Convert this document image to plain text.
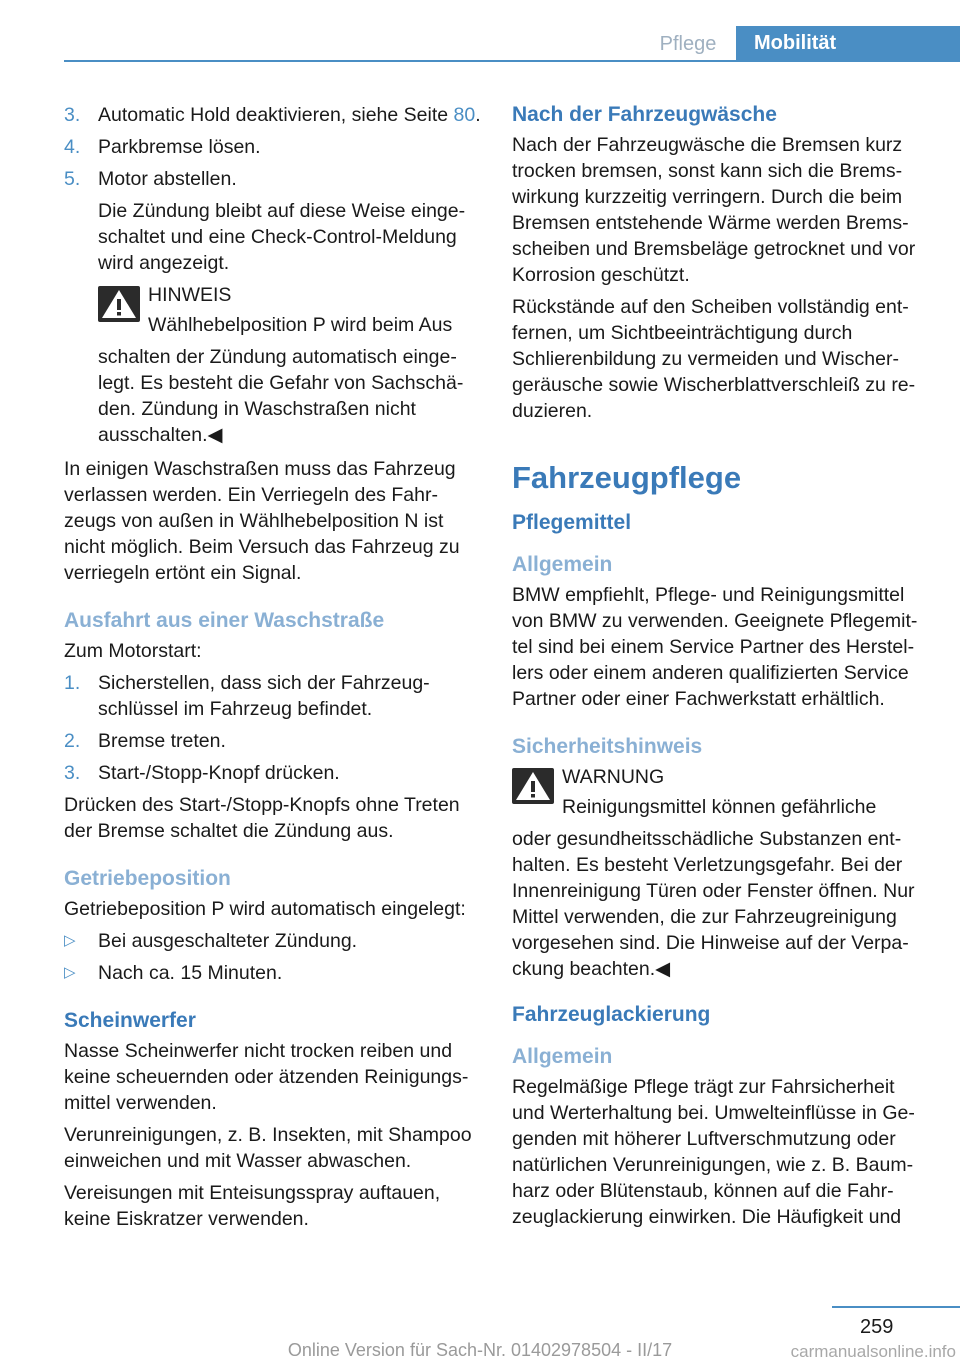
Pflege	Mobilität
3. Automatic Hold deaktivieren, siehe Seite 80.
4. Parkbremse lösen.
5. Motor abstellen.

Die Zündung bleibt auf diese Weise eingeschaltet und eine Check-Control-Meldung wird angezeigt.

HINWEIS
Wählhebelposition P wird beim Aus

schalten der Zündung automatisch eingelegt. Es besteht die Gefahr von Sachschäden. Zündung in Waschstraßen nicht ausschalten.◀

In einigen Waschstraßen muss das Fahrzeug verlassen werden. Ein Verriegeln des Fahrzeugs von außen in Wählhebelposition N ist nicht möglich. Beim Versuch das Fahrzeug zu verriegeln ertönt ein Signal.

Ausfahrt aus einer Waschstraße

Zum Motorstart:

1. Sicherstellen, dass sich der Fahrzeugschlüssel im Fahrzeug befindet.
2. Bremse treten.
3. Start-/Stopp-Knopf drücken.

Drücken des Start-/Stopp-Knopfs ohne Treten der Bremse schaltet die Zündung aus.

Getriebeposition

Getriebeposition P wird automatisch eingelegt:

▷ Bei ausgeschalteter Zündung.
▷ Nach ca. 15 Minuten.
Scheinwerfer

Nasse Scheinwerfer nicht trocken reiben und keine scheuernden oder ätzenden Reinigungsmittel verwenden.

Verunreinigungen, z. B. Insekten, mit Shampoo einweichen und mit Wasser abwaschen.

Vereisungen mit Enteisungsspray auftauen, keine Eiskratzer verwenden.

Nach der Fahrzeugwäsche

Nach der Fahrzeugwäsche die Bremsen kurz trocken bremsen, sonst kann sich die Bremswirkung kurzzeitig verringern. Durch die beim Bremsen entstehende Wärme werden Bremsscheiben und Bremsbeläge getrocknet und vor Korrosion geschützt.

Rückstände auf den Scheiben vollständig entfernen, um Sichtbeeinträchtigung durch Schlierenbildung zu vermeiden und Wischergeräusche sowie Wischerblattverschleiß zu reduzieren.

Fahrzeugpflege
Pflegemittel
Allgemein

BMW empfiehlt, Pflege- und Reinigungsmittel von BMW zu verwenden. Geeignete Pflegemittel sind bei einem Service Partner des Herstellers oder einem anderen qualifizierten Service Partner oder einer Fachwerkstatt erhältlich.

Sicherheitshinweis
WARNUNG
Reinigungsmittel können gefährliche

oder gesundheitsschädliche Substanzen enthalten. Es besteht Verletzungsgefahr. Bei der Innenreinigung Türen oder Fenster öffnen. Nur Mittel verwenden, die zur Fahrzeugreinigung vorgesehen sind. Die Hinweise auf der Verpackung beachten.◀

Fahrzeuglackierung
Allgemein

Regelmäßige Pflege trägt zur Fahrsicherheit und Werterhaltung bei. Umwelteinflüsse in Gegenden mit höherer Luftverschmutzung oder natürlichen Verunreinigungen, wie z. B. Baumharz oder Blütenstaub, können auf die Fahrzeuglackierung einwirken. Die Häufigkeit und

259
Online Version für Sach-Nr. 01402978504 - II/17	carmanualsonline.info
